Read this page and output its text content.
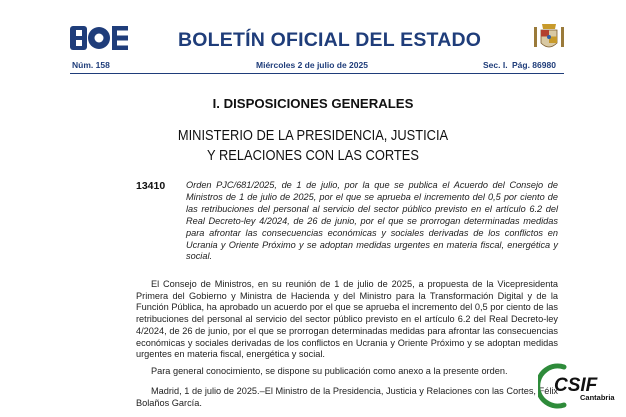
BOLETÍN OFICIAL DEL ESTADO
Núm. 158	Miércoles 2 de julio de 2025	Sec. I. Pág. 86980
I. DISPOSICIONES GENERALES
MINISTERIO DE LA PRESIDENCIA, JUSTICIA
Y RELACIONES CON LAS CORTES
13410 Orden PJC/681/2025, de 1 de julio, por la que se publica el Acuerdo del Consejo de Ministros de 1 de julio de 2025, por el que se aprueba el incremento del 0,5 por ciento de las retribuciones del personal al servicio del sector público previsto en el artículo 6.2 del Real Decreto-ley 4/2024, de 26 de junio, por el que se prorrogan determinadas medidas para afrontar las consecuencias económicas y sociales derivadas de los conflictos en Ucrania y Oriente Próximo y se adoptan medidas urgentes en materia fiscal, energética y social.
El Consejo de Ministros, en su reunión de 1 de julio de 2025, a propuesta de la Vicepresidenta Primera del Gobierno y Ministra de Hacienda y del Ministro para la Transformación Digital y de la Función Pública, ha aprobado un acuerdo por el que se aprueba el incremento del 0,5 por ciento de las retribuciones del personal al servicio del sector público previsto en el artículo 6.2 del Real Decreto-ley 4/2024, de 26 de junio, por el que se prorrogan determinadas medidas para afrontar las consecuencias económicas y sociales derivadas de los conflictos en Ucrania y Oriente Próximo y se adoptan medidas urgentes en materia fiscal, energética y social.
Para general conocimiento, se dispone su publicación como anexo a la presente orden.
Madrid, 1 de julio de 2025.–El Ministro de la Presidencia, Justicia y Relaciones con las Cortes, Félix Bolaños García.
CSIF
Cantabria
